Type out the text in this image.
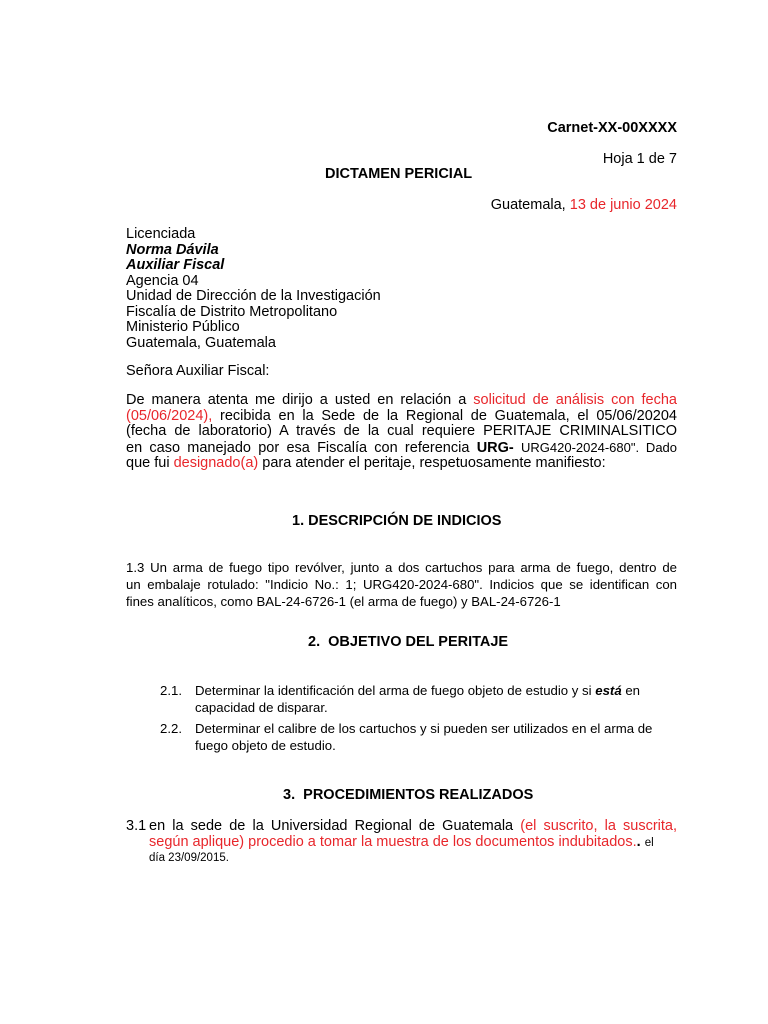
Carnet-XX-00XXXX
Hoja 1 de 7
DICTAMEN PERICIAL
Guatemala, 13 de junio 2024
Licenciada
Norma Dávila
Auxiliar Fiscal
Agencia 04
Unidad de Dirección de la Investigación
Fiscalía de Distrito Metropolitano
Ministerio Público
Guatemala, Guatemala
Señora Auxiliar Fiscal:
De manera atenta me dirijo a usted en relación a solicitud de análisis con fecha
(05/06/2024), recibida en la Sede de la Regional de Guatemala, el 05/06/20204
(fecha de laboratorio) A través de la cual requiere PERITAJE CRIMINALSITICO
en caso manejado por esa Fiscalía con referencia URG- URG420-2024-680". Dado
que fui designado(a) para atender el peritaje, respetuosamente manifiesto:
1. DESCRIPCIÓN DE INDICIOS
1.3 Un arma de fuego tipo revólver, junto a dos cartuchos para arma de fuego, dentro de
un embalaje rotulado: "Indicio No.: 1; URG420-2024-680". Indicios que se identifican con
fines analíticos, como BAL-24-6726-1 (el arma de fuego) y BAL-24-6726-1
2. OBJETIVO DEL PERITAJE
2.1. Determinar la identificación del arma de fuego objeto de estudio y si está en
capacidad de disparar.
2.2. Determinar el calibre de los cartuchos y si pueden ser utilizados en el arma de
fuego objeto de estudio.
3. PROCEDIMIENTOS REALIZADOS
3.1 en la sede de la Universidad Regional de Guatemala (el suscrito, la suscrita,
según aplique) procedio a tomar la muestra de los documentos indubitados.. el
día 23/09/2015.
